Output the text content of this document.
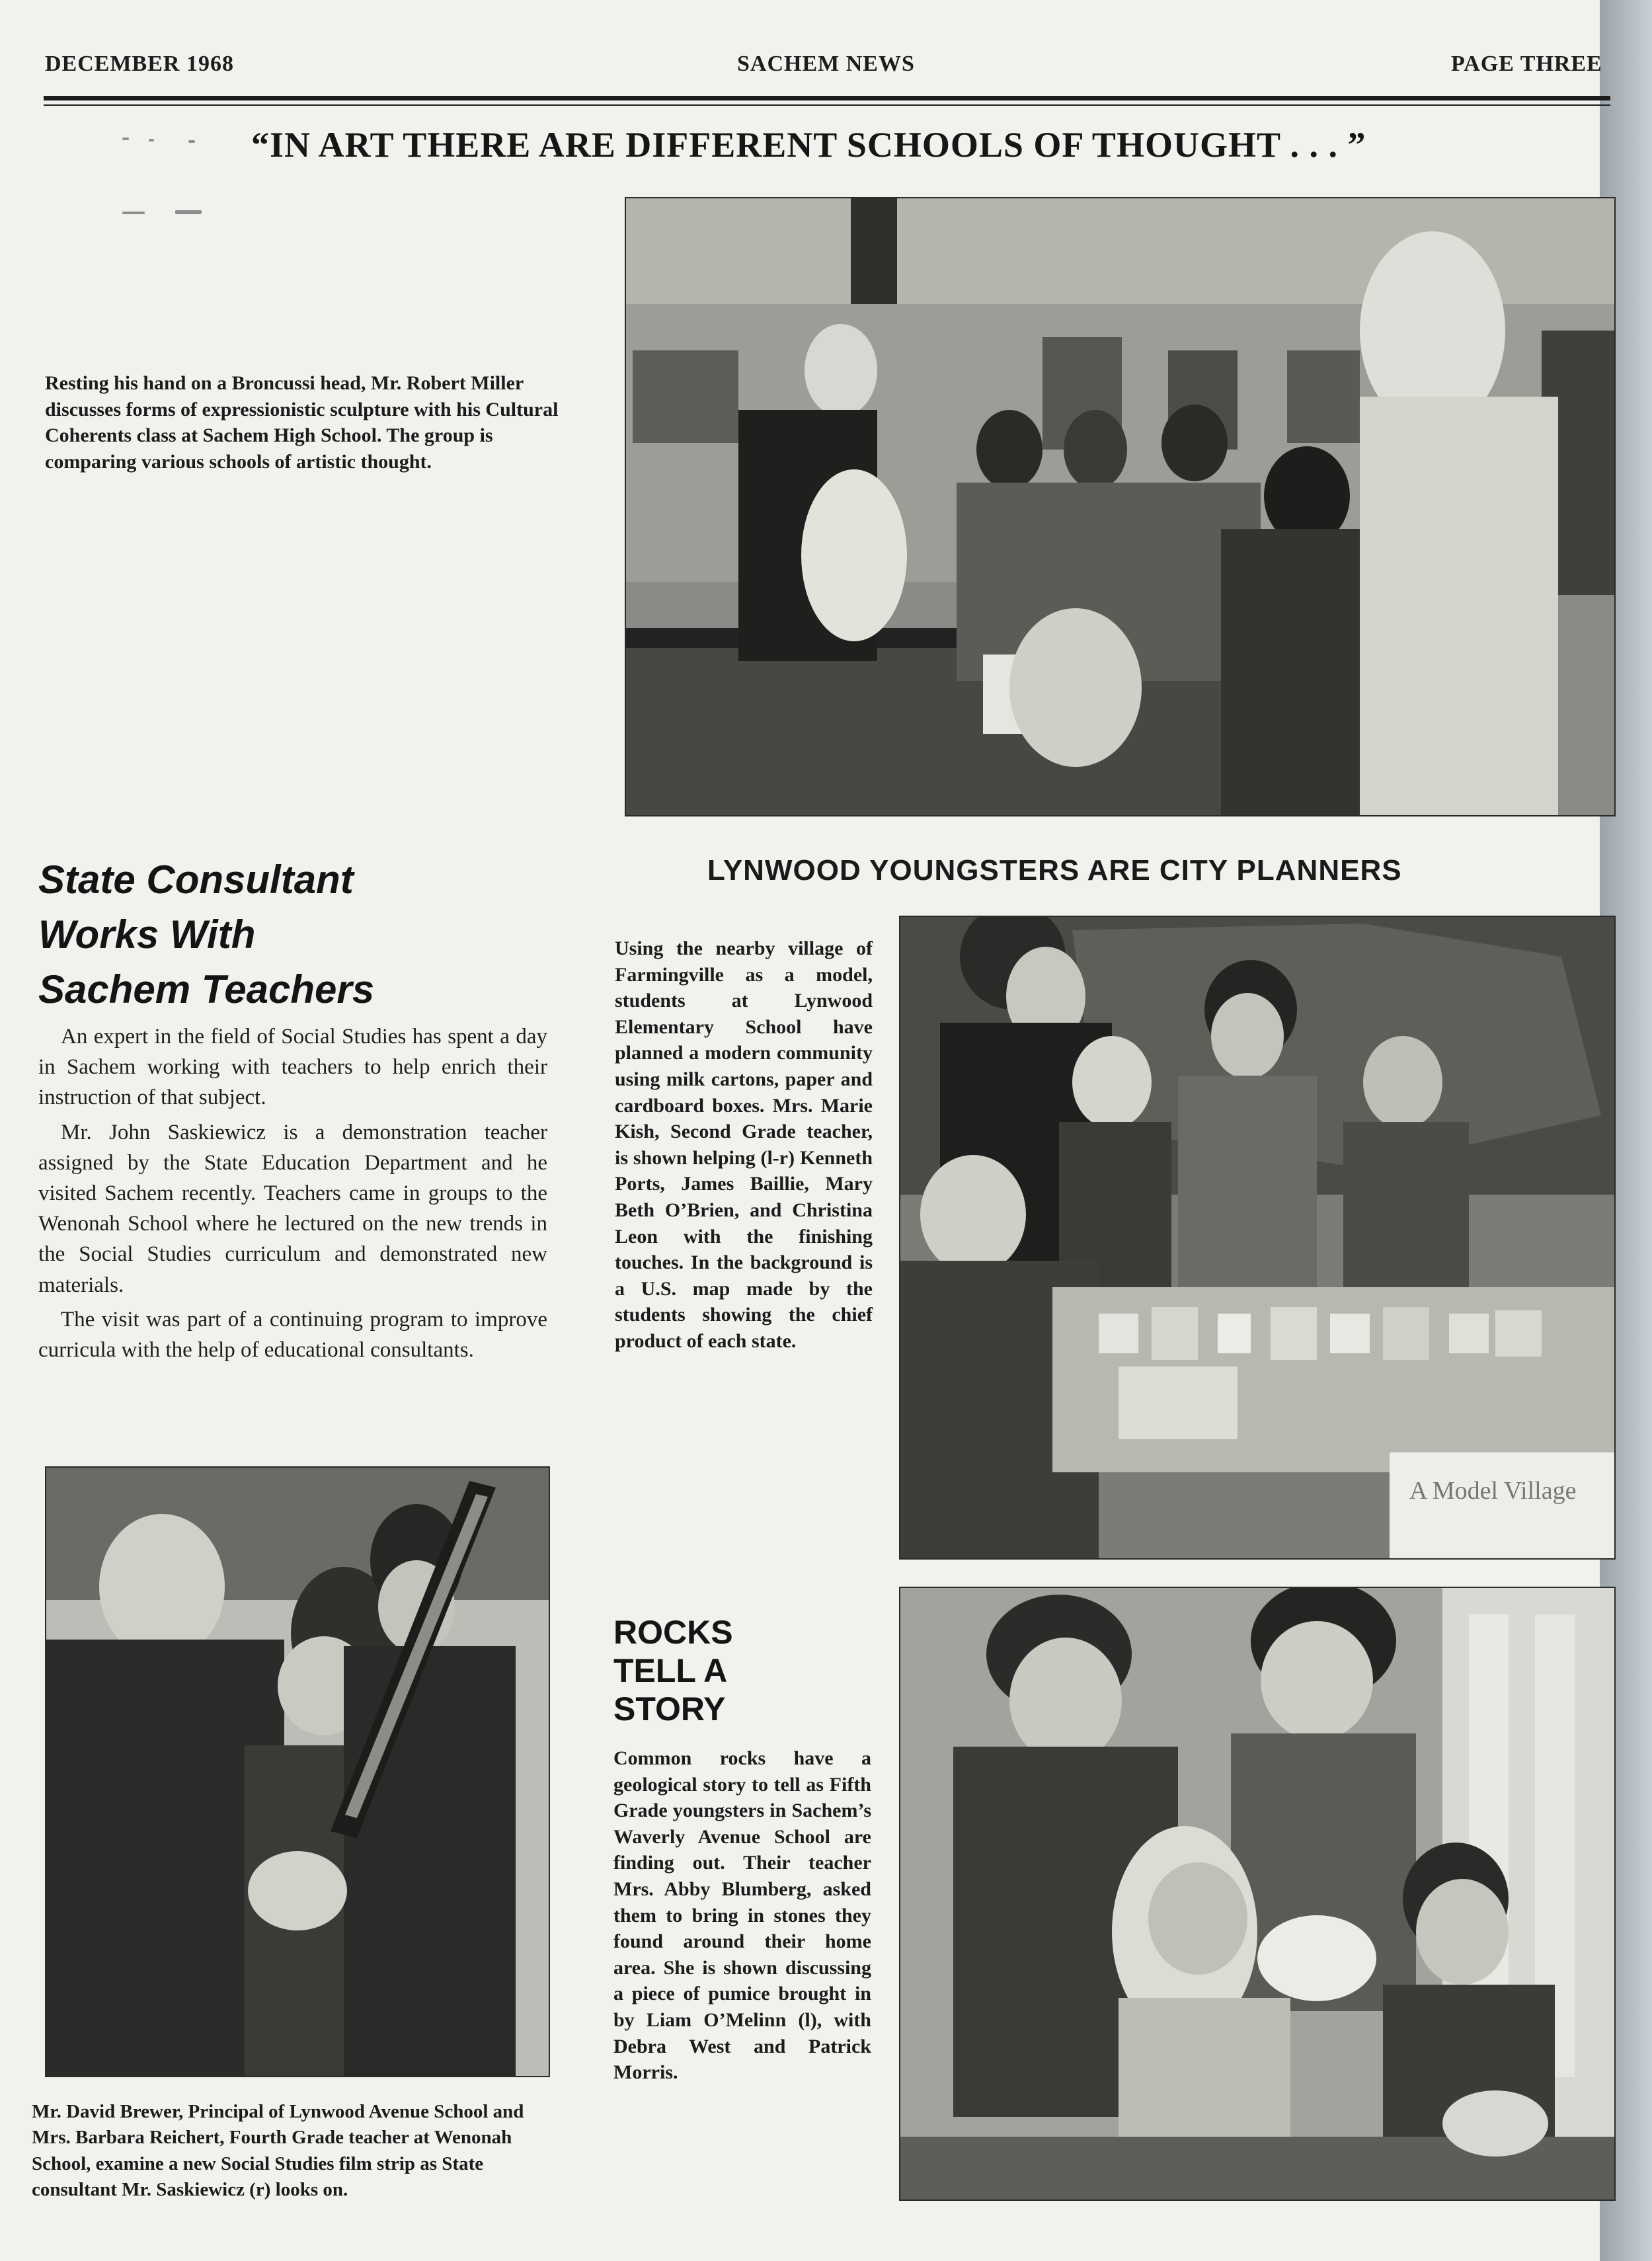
DECEMBER 1968	SACHEM NEWS	PAGE THREE
“IN ART THERE ARE DIFFERENT SCHOOLS OF THOUGHT . . . ”
Resting his hand on a Broncussi head, Mr. Robert Miller discusses forms of expressionistic sculpture with his Cultural Coherents class at Sachem High School. The group is comparing various schools of artistic thought.
State Consultant
Works With
Sachem Teachers

An expert in the field of Social Studies has spent a day in Sachem working with teachers to help enrich their instruction of that subject.

Mr. John Saskiewicz is a demonstration teacher assigned by the State Education Department and he visited Sachem recently. Teachers came in groups to the Wenonah School where he lectured on the new trends in the Social Studies curriculum and demonstrated new materials.

The visit was part of a continuing program to improve curricula with the help of educational consultants.

Mr. David Brewer, Principal of Lynwood Avenue School and Mrs. Barbara Reichert, Fourth Grade teacher at Wenonah School, examine a new Social Studies film strip as State consultant Mr. Saskiewicz (r) looks on.
LYNWOOD YOUNGSTERS ARE CITY PLANNERS
Using the nearby village of Farmingville as a model, students at Lynwood Elementary School have planned a modern community using milk cartons, paper and cardboard boxes. Mrs. Marie Kish, Second Grade teacher, is shown helping (l-r) Kenneth Ports, James Baillie, Mary Beth O’Brien, and Christina Leon with the finishing touches. In the background is a U.S. map made by the students showing the chief product of each state.
A Model Village
ROCKS
TELL A
STORY
Common rocks have a geological story to tell as Fifth Grade youngsters in Sachem’s Waverly Avenue School are finding out. Their teacher Mrs. Abby Blumberg, asked them to bring in stones they found around their home area. She is shown discussing a piece of pumice brought in by Liam O’Melinn (l), with Debra West and Patrick Morris.
